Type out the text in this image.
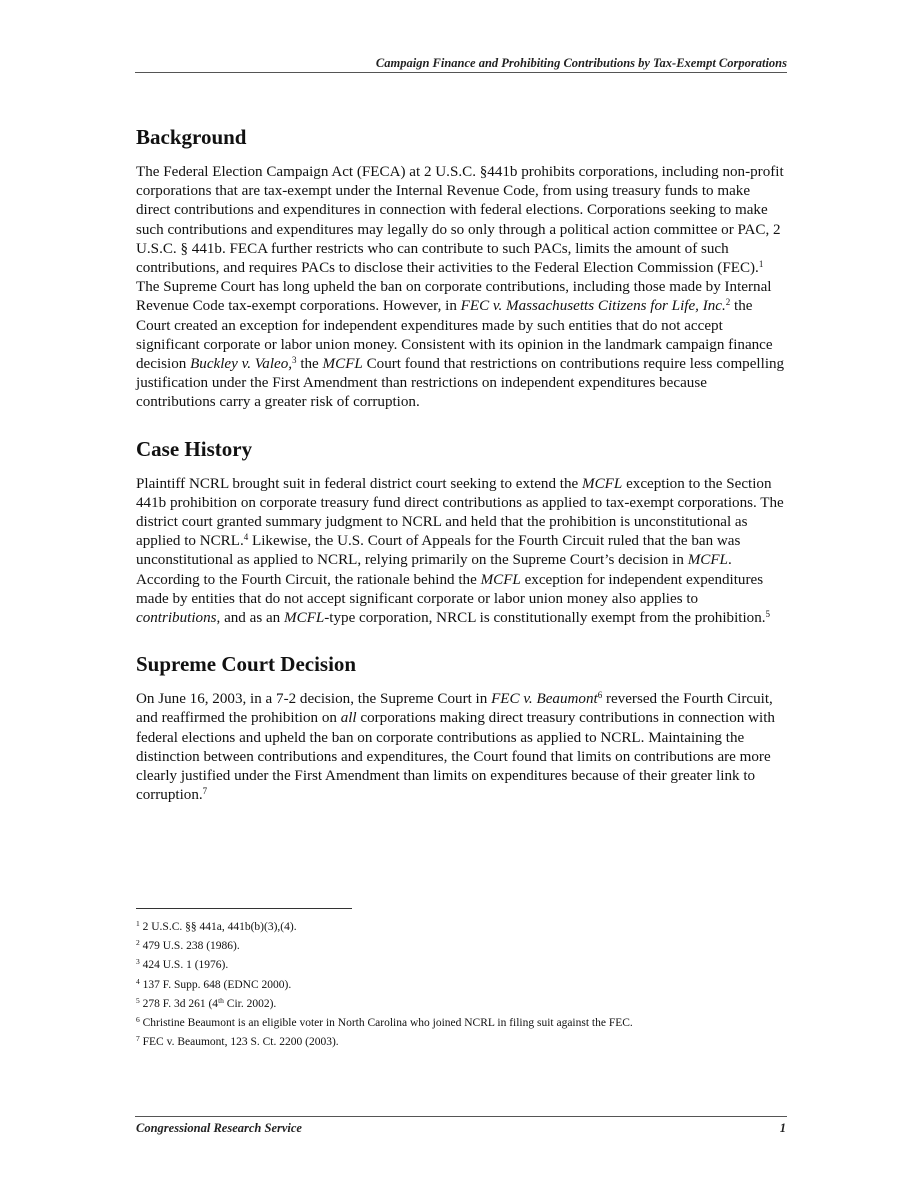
Campaign Finance and Prohibiting Contributions by Tax-Exempt Corporations
Background

The Federal Election Campaign Act (FECA) at 2 U.S.C. §441b prohibits corporations, including non-profit corporations that are tax-exempt under the Internal Revenue Code, from using treasury funds to make direct contributions and expenditures in connection with federal elections. Corporations seeking to make such contributions and expenditures may legally do so only through a political action committee or PAC, 2 U.S.C. § 441b. FECA further restricts who can contribute to such PACs, limits the amount of such contributions, and requires PACs to disclose their activities to the Federal Election Commission (FEC).$^1$ The Supreme Court has long upheld the ban on corporate contributions, including those made by Internal Revenue Code tax-exempt corporations. However, in FEC v. Massachusetts Citizens for Life, Inc.$^2$ the Court created an exception for independent expenditures made by such entities that do not accept significant corporate or labor union money. Consistent with its opinion in the landmark campaign finance decision Buckley v. Valeo,$^3$ the MCFL Court found that restrictions on contributions require less compelling justification under the First Amendment than restrictions on independent expenditures because contributions carry a greater risk of corruption.

Case History

Plaintiff NCRL brought suit in federal district court seeking to extend the MCFL exception to the Section 441b prohibition on corporate treasury fund direct contributions as applied to tax-exempt corporations. The district court granted summary judgment to NCRL and held that the prohibition is unconstitutional as applied to NCRL.$^4$ Likewise, the U.S. Court of Appeals for the Fourth Circuit ruled that the ban was unconstitutional as applied to NCRL, relying primarily on the Supreme Court’s decision in MCFL. According to the Fourth Circuit, the rationale behind the MCFL exception for independent expenditures made by entities that do not accept significant corporate or labor union money also applies to contributions, and as an MCFL-type corporation, NRCL is constitutionally exempt from the prohibition.$^5$

Supreme Court Decision

On June 16, 2003, in a 7-2 decision, the Supreme Court in FEC v. Beaumont$^6$ reversed the Fourth Circuit, and reaffirmed the prohibition on all corporations making direct treasury contributions in connection with federal elections and upheld the ban on corporate contributions as applied to NCRL. Maintaining the distinction between contributions and expenditures, the Court found that limits on contributions are more clearly justified under the First Amendment than limits on expenditures because of their greater link to corruption.$^7$

$^1$ 2 U.S.C. §§ 441a, 441b(b)(3),(4).
$^2$ 479 U.S. 238 (1986).
$^3$ 424 U.S. 1 (1976).
$^4$ 137 F. Supp. 648 (EDNC 2000).
$^5$ 278 F. 3d 261 (4th Cir. 2002).
$^6$ Christine Beaumont is an eligible voter in North Carolina who joined NCRL in filing suit against the FEC.
$^7$ FEC v. Beaumont, 123 S. Ct. 2200 (2003).
Congressional Research Service	1
